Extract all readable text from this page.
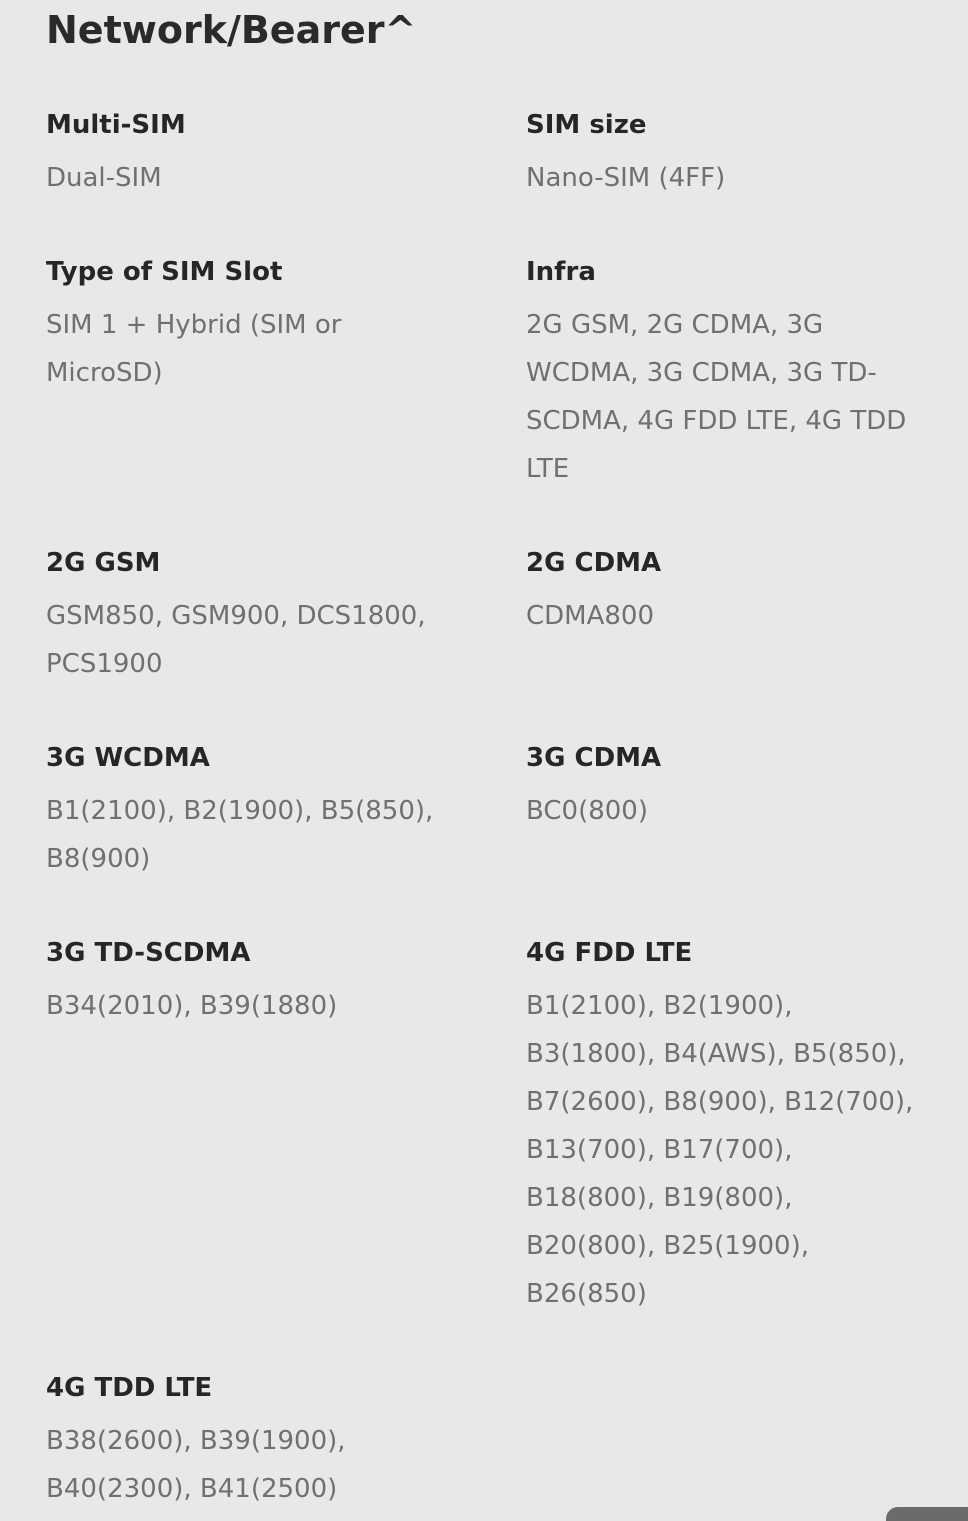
Network/Bearer^
Multi-SIM
Dual-SIM
SIM size
Nano-SIM (4FF)
Type of SIM Slot
SIM 1 + Hybrid (SIM or MicroSD)
Infra
2G GSM, 2G CDMA, 3G WCDMA, 3G CDMA, 3G TD-SCDMA, 4G FDD LTE, 4G TDD LTE
2G GSM
GSM850, GSM900, DCS1800, PCS1900
2G CDMA
CDMA800
3G WCDMA
B1(2100), B2(1900), B5(850), B8(900)
3G CDMA
BC0(800)
3G TD-SCDMA
B34(2010), B39(1880)
4G FDD LTE
B1(2100), B2(1900), B3(1800), B4(AWS), B5(850), B7(2600), B8(900), B12(700), B13(700), B17(700), B18(800), B19(800), B20(800), B25(1900), B26(850)
4G TDD LTE
B38(2600), B39(1900), B40(2300), B41(2500)
